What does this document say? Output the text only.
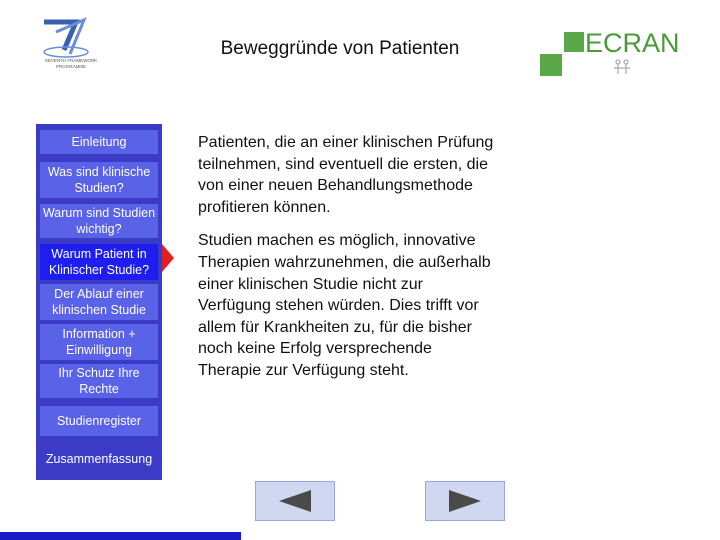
SEVENTH FRAMEWORK
PROGRAMME
Beweggründe von Patienten	ECRAN
Einleitung
Was sind klinische Studien?
Warum sind Studien wichtig?
Warum Patient in Klinischer Studie?
Der Ablauf einer klinischen Studie
Information + Einwilligung
Ihr Schutz Ihre Rechte
Studienregister
Zusammenfassung

Patienten, die an einer klinischen Prüfung teilnehmen, sind eventuell die ersten, die von einer neuen Behandlungsmethode profitieren können.

Studien machen es möglich, innovative Therapien wahrzunehmen, die außerhalb einer klinischen Studie nicht zur Verfügung stehen würden. Dies trifft vor allem für Krankheiten zu, für die bisher noch keine Erfolg versprechende Therapie zur Verfügung steht.
